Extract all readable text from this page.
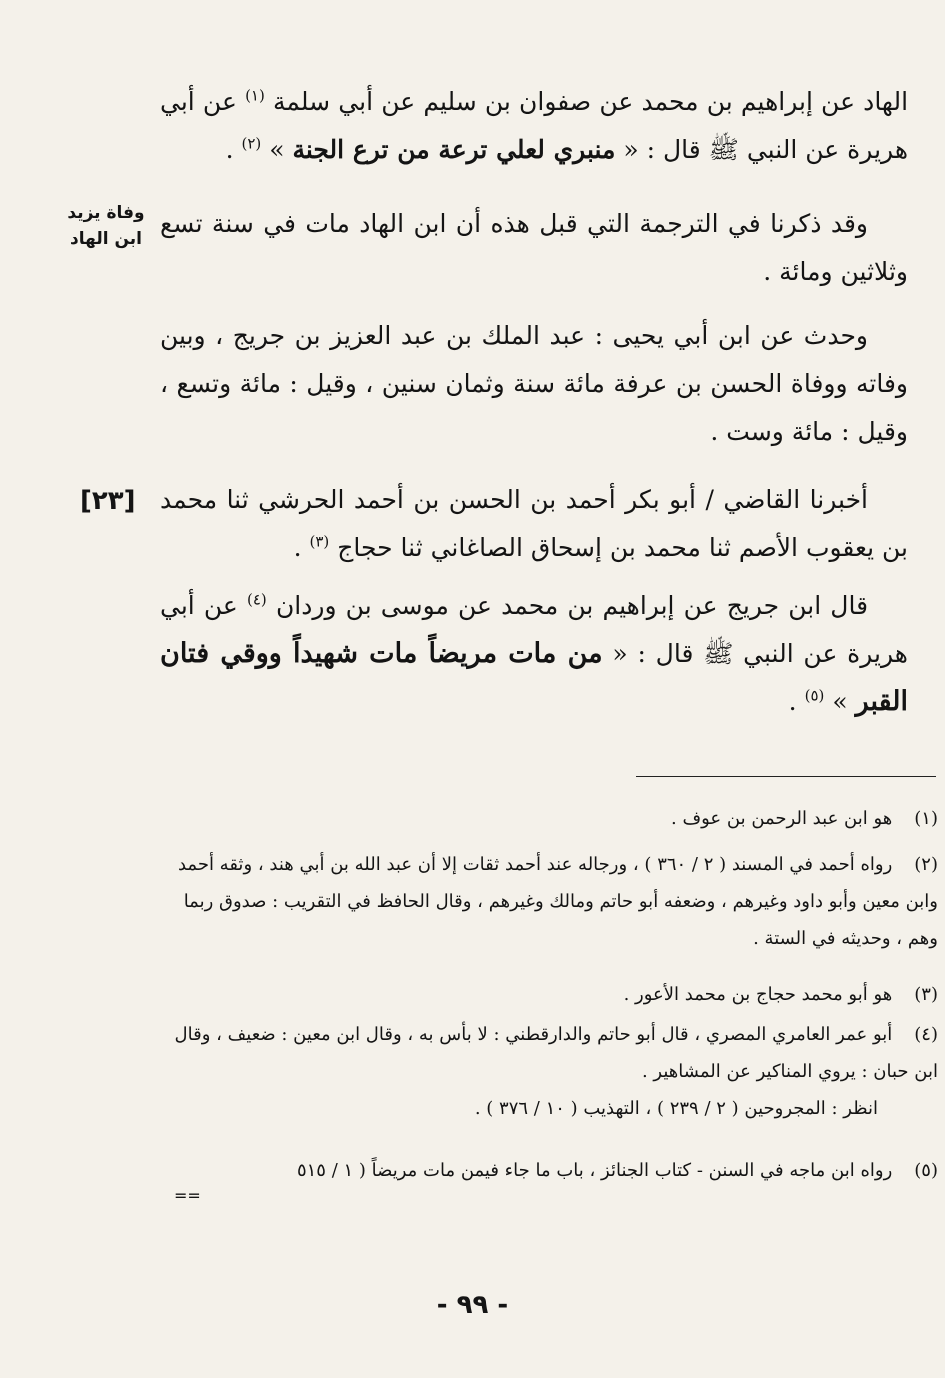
الهاد عن إبراهيم بن محمد عن صفوان بن سليم عن أبي سلمة $^{(١)}$ عن أبي هريرة عن النبي ﷺ قال : « منبري لعلي ترعة من ترع الجنة » $^{(٢)}$ .

وقد ذكرنا في الترجمة التي قبل هذه أن ابن الهاد مات في سنة تسع وثلاثين ومائة .

وحدث عن ابن أبي يحيى : عبد الملك بن عبد العزيز بن جريج ، وبين وفاته ووفاة الحسن بن عرفة مائة سنة وثمان سنين ، وقيل : مائة وتسع ، وقيل : مائة وست .

أخبرنا القاضي / أبو بكر أحمد بن الحسن بن أحمد الحرشي ثنا محمد بن يعقوب الأصم ثنا محمد بن إسحاق الصاغاني ثنا حجاج $^{(٣)}$ .

قال ابن جريج عن إبراهيم بن محمد عن موسى بن وردان $^{(٤)}$ عن أبي هريرة عن النبي ﷺ قال : « من مات مريضاً مات شهيداً ووقي فتان القبر » $^{(٥)}$ .

وفاة يزيد
ابن الهاد
[٢٣]
(١) هو ابن عبد الرحمن بن عوف .
(٢) رواه أحمد في المسند ( ٢ / ٣٦٠ ) ، ورجاله عند أحمد ثقات إلا أن عبد الله بن أبي هند ، وثقه أحمد وابن معين وأبو داود وغيرهم ، وضعفه أبو حاتم ومالك وغيرهم ، وقال الحافظ في التقريب : صدوق ربما وهم ، وحديثه في الستة .
(٣) هو أبو محمد حجاج بن محمد الأعور .
(٤) أبو عمر العامري المصري ، قال أبو حاتم والدارقطني : لا بأس به ، وقال ابن معين : ضعيف ، وقال ابن حبان : يروي المناكير عن المشاهير .
انظر : المجروحين ( ٢ / ٢٣٩ ) ، التهذيب ( ١٠ / ٣٧٦ ) .
(٥) رواه ابن ماجه في السنن - كتاب الجنائز ، باب ما جاء فيمن مات مريضاً ( ١ / ٥١٥
==
- ٩٩ -
